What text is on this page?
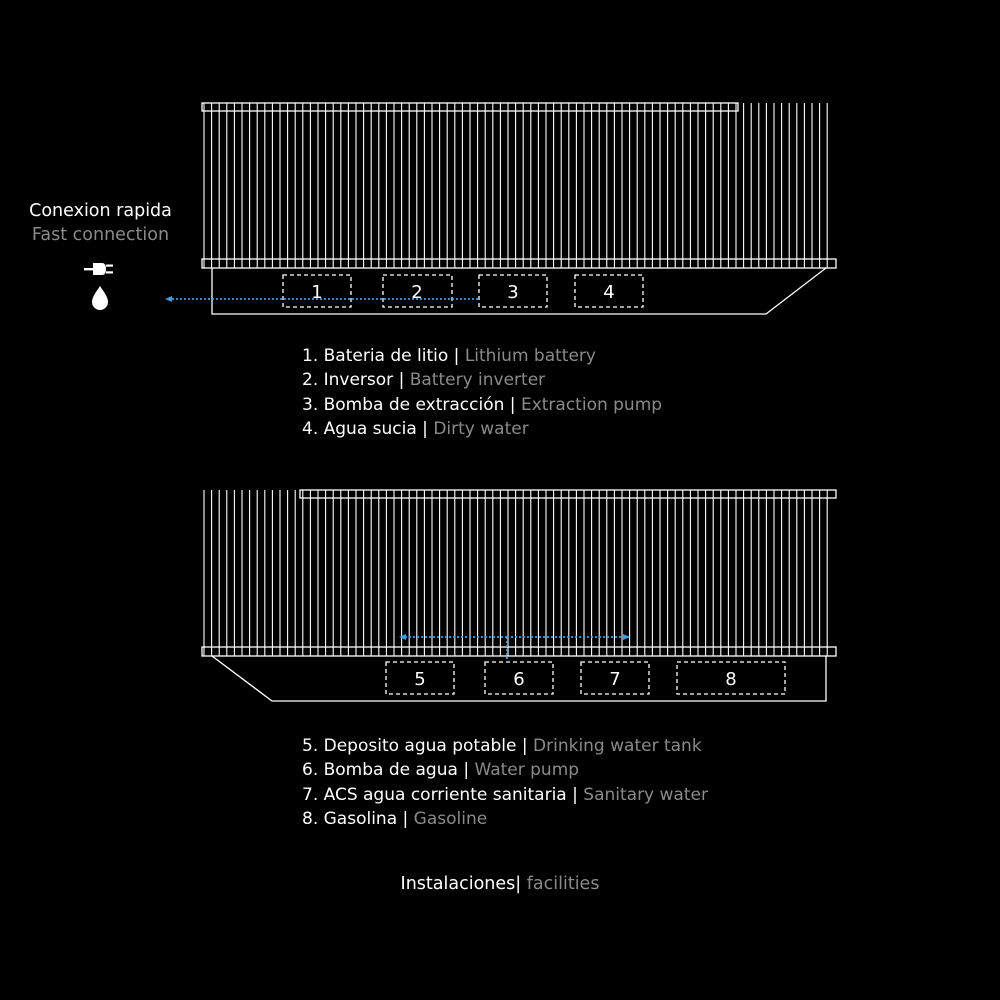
1	2	3	4
5	6	7	8
Conexion rapida
Fast connection
1. Bateria de litio | Lithium battery
2. Inversor | Battery inverter
3. Bomba de extracción | Extraction pump
4. Agua sucia | Dirty water
5. Deposito agua potable | Drinking water tank
6. Bomba de agua | Water pump
7. ACS agua corriente sanitaria | Sanitary water
8. Gasolina | Gasoline
Instalaciones| facilities
